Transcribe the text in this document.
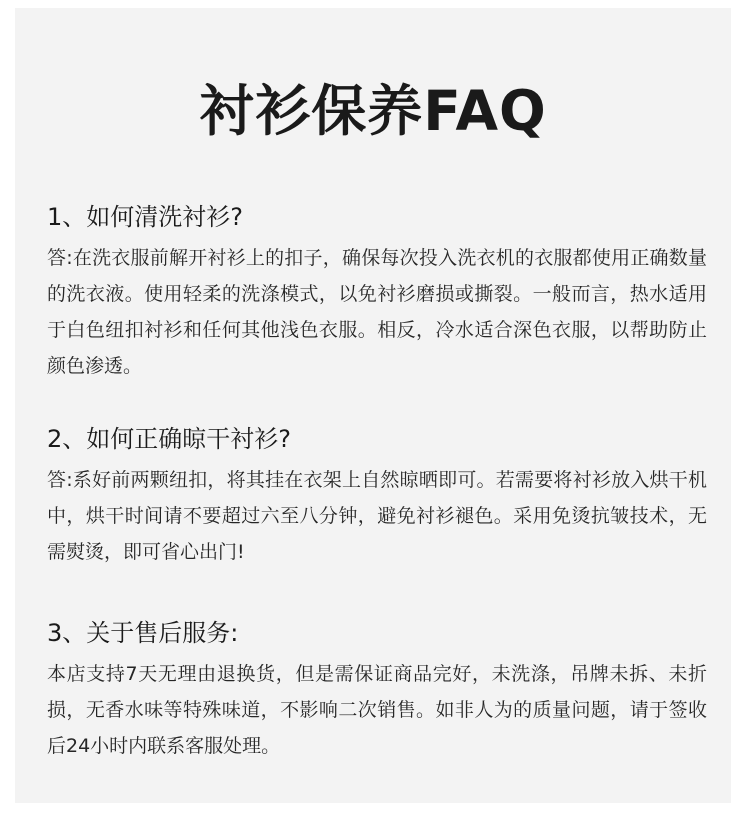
衬衫保养FAQ
1、如何清洗衬衫?

答:在洗衣服前解开衬衫上的扣子，确保每次投入洗衣机的衣服都使用正确数量的洗衣液。使用轻柔的洗涤模式，以免衬衫磨损或撕裂。一般而言，热水适用于白色纽扣衬衫和任何其他浅色衣服。相反，冷水适合深色衣服，以帮助防止颜色渗透。

2、如何正确晾干衬衫?

答:系好前两颗纽扣，将其挂在衣架上自然晾晒即可。若需要将衬衫放入烘干机中，烘干时间请不要超过六至八分钟，避免衬衫褪色。采用免烫抗皱技术，无需熨烫，即可省心出门!

3、关于售后服务:

本店支持7天无理由退换货，但是需保证商品完好，未洗涤，吊牌未拆、未折损，无香水味等特殊味道，不影响二次销售。如非人为的质量问题，请于签收后24小时内联系客服处理。
